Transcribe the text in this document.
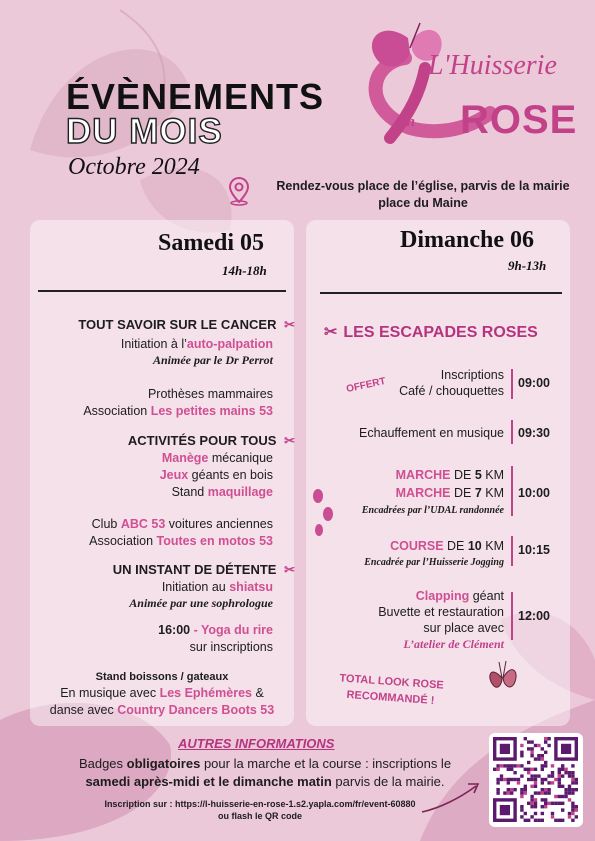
ÉVÈNEMENTS
DU MOIS
Octobre 2024
L'Huisserie
en ROSE
Rendez-vous place de l’église, parvis de la mairie
place du Maine
Samedi 05
14h-18h
TOUT SAVOIR SUR LE CANCER ✂
Initiation à l’auto-palpation
Animée par le Dr Perrot
Prothèses mammaires
Association Les petites mains 53
ACTIVITÉS POUR TOUS ✂
Manège mécanique
Jeux géants en bois
Stand maquillage
Club ABC 53 voitures anciennes
Association Toutes en motos 53
UN INSTANT DE DÉTENTE ✂
Initiation au shiatsu
Animée par une sophrologue
16:00 - Yoga du rire
sur inscriptions
Stand boissons / gateaux
En musique avec Les Ephémères &
danse avec Country Dancers Boots 53
Dimanche 06
9h-13h
✂ LES ESCAPADES ROSES
OFFERT
Inscriptions
Café / chouquettes
09:00
Echauffement en musique 09:30
MARCHE DE 5 KM
MARCHE DE 7 KM
Encadrées par l’UDAL randonnée
10:00
COURSE DE 10 KM
Encadrée par l’Huisserie Jogging
10:15
Clapping géant
Buvette et restauration
sur place avec
L’atelier de Clément
12:00
TOTAL LOOK ROSE
RECOMMANDÉ !
AUTRES INFORMATIONS
Badges obligatoires pour la marche et la course : inscriptions le
samedi après-midi et le dimanche matin parvis de la mairie.
Inscription sur : https://l-huisserie-en-rose-1.s2.yapla.com/fr/event-60880
ou flash le QR code
